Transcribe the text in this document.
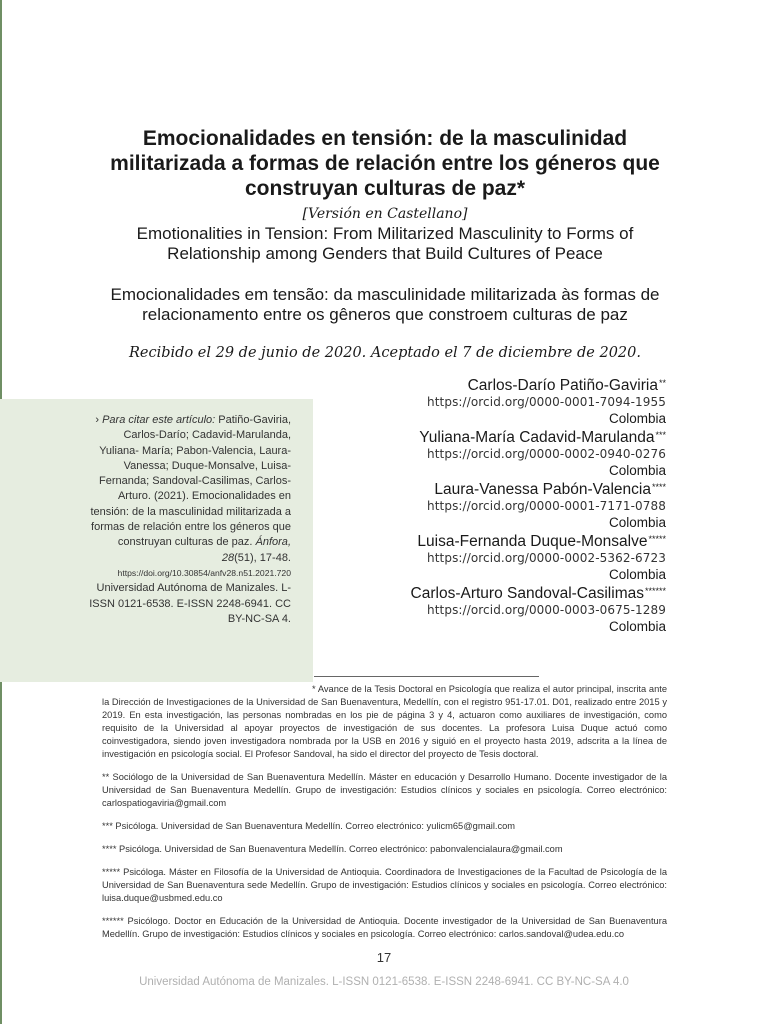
Emocionalidades en tensión: de la masculinidad militarizada a formas de relación entre los géneros que construyan culturas de paz*
[Versión en Castellano]
Emotionalities in Tension: From Militarized Masculinity to Forms of Relationship among Genders that Build Cultures of Peace
Emocionalidades em tensão: da masculinidade militarizada às formas de relacionamento entre os gêneros que constroem culturas de paz
Recibido el 29 de junio de 2020. Aceptado el 7 de diciembre de 2020.
Carlos-Darío Patiño-Gaviria**
https://orcid.org/0000-0001-7094-1955
Colombia
Yuliana-María Cadavid-Marulanda***
https://orcid.org/0000-0002-0940-0276
Colombia
Laura-Vanessa Pabón-Valencia****
https://orcid.org/0000-0001-7171-0788
Colombia
Luisa-Fernanda Duque-Monsalve*****
https://orcid.org/0000-0002-5362-6723
Colombia
Carlos-Arturo Sandoval-Casilimas******
https://orcid.org/0000-0003-0675-1289
Colombia
› Para citar este artículo: Patiño-Gaviria, Carlos-Darío; Cadavid-Marulanda, Yuliana- María; Pabon-Valencia, Laura-Vanessa; Duque-Monsalve, Luisa-Fernanda; Sandoval-Casilimas, Carlos-Arturo. (2021). Emocionalidades en tensión: de la masculinidad militarizada a formas de relación entre los géneros que construyan culturas de paz. Ánfora, 28(51), 17-48.
https://doi.org/10.30854/anfv28.n51.2021.720
Universidad Autónoma de Manizales. L-ISSN 0121-6538. E-ISSN 2248-6941. CC BY-NC-SA 4.

* Avance de la Tesis Doctoral en Psicología que realiza el autor principal, inscrita ante la Dirección de Investigaciones de la Universidad de San Buenaventura, Medellín, con el registro 951-17.01. D01, realizado entre 2015 y 2019. En esta investigación, las personas nombradas en los pie de página 3 y 4, actuaron como auxiliares de investigación, como requisito de la Universidad al apoyar proyectos de investigación de sus docentes. La profesora Luisa Duque actuó como coinvestigadora, siendo joven investigadora nombrada por la USB en 2016 y siguió en el proyecto hasta 2019, adscrita a la línea de investigación en psicología social. El Profesor Sandoval, ha sido el director del proyecto de Tesis doctoral.

** Sociólogo de la Universidad de San Buenaventura Medellín. Máster en educación y Desarrollo Humano. Docente investigador de la Universidad de San Buenaventura Medellín. Grupo de investigación: Estudios clínicos y sociales en psicología. Correo electrónico: carlospatiogaviria@gmail.com

*** Psicóloga. Universidad de San Buenaventura Medellín. Correo electrónico: yulicm65@gmail.com

**** Psicóloga. Universidad de San Buenaventura Medellín. Correo electrónico: pabonvalencialaura@gmail.com

***** Psicóloga. Máster en Filosofía de la Universidad de Antioquia. Coordinadora de Investigaciones de la Facultad de Psicología de la Universidad de San Buenaventura sede Medellín. Grupo de investigación: Estudios clínicos y sociales en psicología. Correo electrónico: luisa.duque@usbmed.edu.co

****** Psicólogo. Doctor en Educación de la Universidad de Antioquia. Docente investigador de la Universidad de San Buenaventura Medellín. Grupo de investigación: Estudios clínicos y sociales en psicología. Correo electrónico: carlos.sandoval@udea.edu.co

17
Universidad Autónoma de Manizales. L-ISSN 0121-6538. E-ISSN 2248-6941. CC BY-NC-SA 4.0
